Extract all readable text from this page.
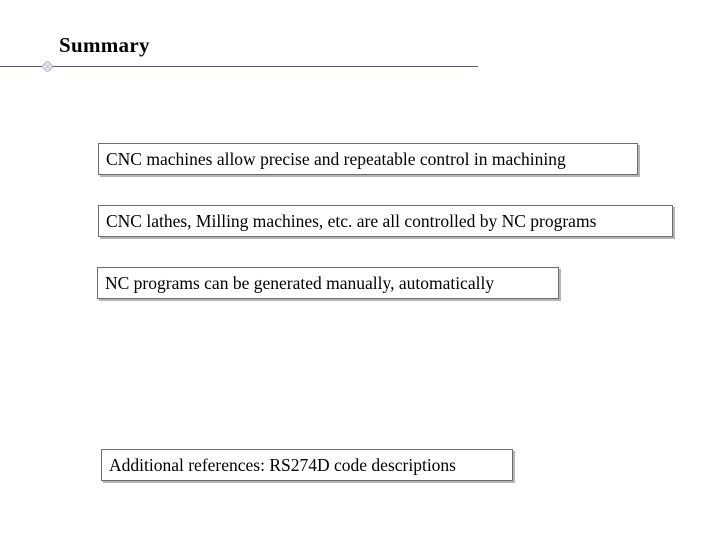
Summary
CNC machines allow precise and repeatable control in machining
CNC lathes, Milling machines, etc. are all controlled by NC programs
NC programs can be generated manually, automatically
Additional references: RS274D code descriptions
